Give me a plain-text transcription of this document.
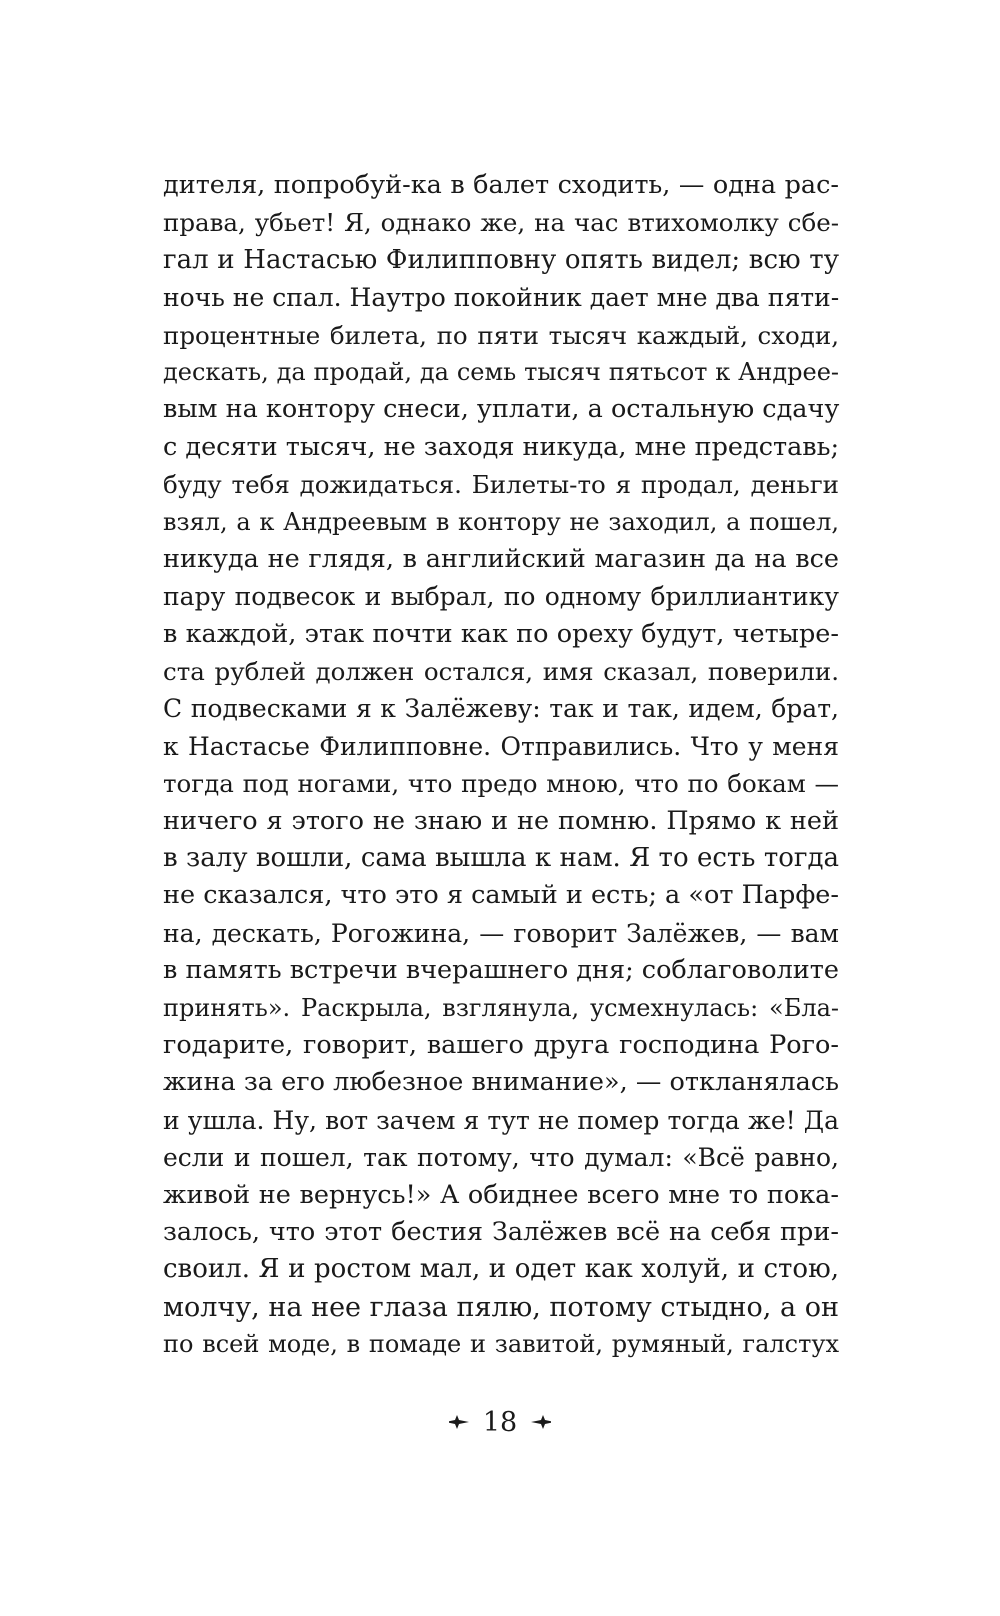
дителя, попробуй-ка в балет сходить, — одна рас-
права, убьет! Я, однако же, на час втихомолку сбе-
гал и Настасью Филипповну опять видел; всю ту
ночь не спал. Наутро покойник дает мне два пяти-
процентные билета, по пяти тысяч каждый, сходи,
дескать, да продай, да семь тысяч пятьсот к Андрее-
вым на контору снеси, уплати, а остальную сдачу
с десяти тысяч, не заходя никуда, мне представь;
буду тебя дожидаться. Билеты-то я продал, деньги
взял, а к Андреевым в контору не заходил, а пошел,
никуда не глядя, в английский магазин да на все
пару подвесок и выбрал, по одному бриллиантику
в каждой, этак почти как по ореху будут, четыре-
ста рублей должен остался, имя сказал, поверили.
С подвесками я к Залёжеву: так и так, идем, брат,
к Настасье Филипповне. Отправились. Что у меня
тогда под ногами, что предо мною, что по бокам —
ничего я этого не знаю и не помню. Прямо к ней
в залу вошли, сама вышла к нам. Я то есть тогда
не сказался, что это я самый и есть; а «от Парфе-
на, дескать, Рогожина, — говорит Залёжев, — вам
в память встречи вчерашнего дня; соблаговолите
принять». Раскрыла, взглянула, усмехнулась: «Бла-
годарите, говорит, вашего друга господина Рого-
жина за его любезное внимание», — откланялась
и ушла. Ну, вот зачем я тут не помер тогда же! Да
если и пошел, так потому, что думал: «Всё равно,
живой не вернусь!» А обиднее всего мне то пока-
залось, что этот бестия Залёжев всё на себя при-
своил. Я и ростом мал, и одет как холуй, и стою,
молчу, на нее глаза пялю, потому стыдно, а он
по всей моде, в помаде и завитой, румяный, галстух
18
